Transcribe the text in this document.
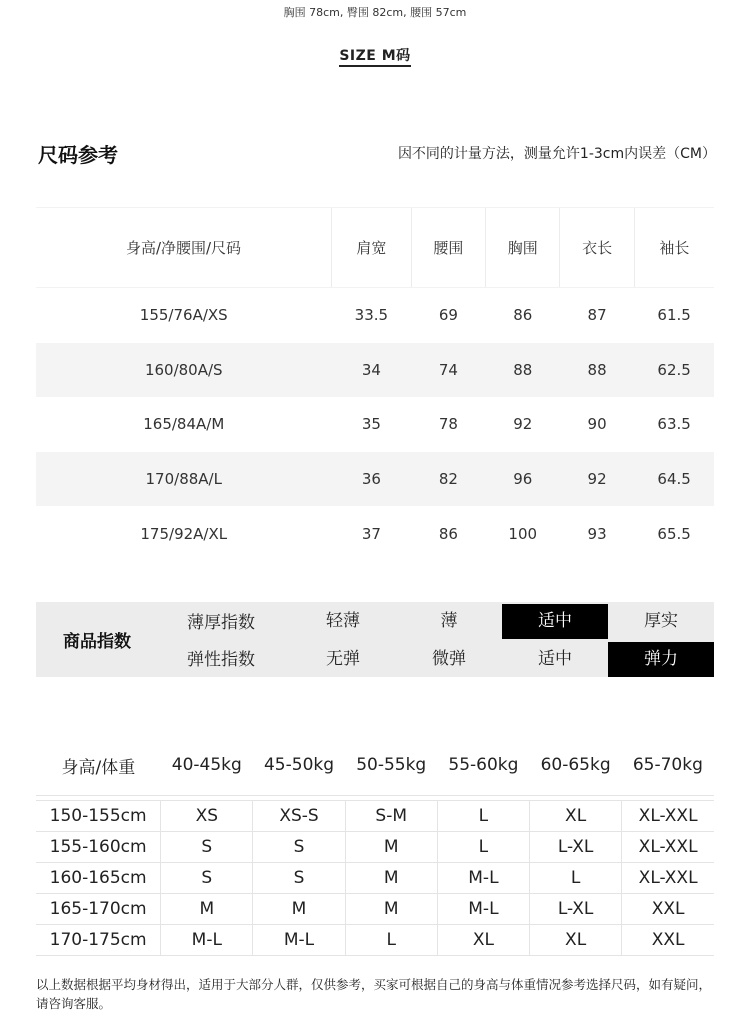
胸围 78cm, 臀围 82cm, 腰围 57cm
SIZE M码
尺码参考	因不同的计量方法，测量允许1-3cm内误差（CM）
身高/净腰围/尺码	肩宽	腰围	胸围	衣长	袖长
155/76A/XS	33.5	69	86	87	61.5
160/80A/S	34	74	88	88	62.5
165/84A/M	35	78	92	90	63.5
170/88A/L	36	82	96	92	64.5
175/92A/XL	37	86	100	93	65.5
商品指数
薄厚指数	轻薄	薄	适中	厚实
弹性指数	无弹	微弹	适中	弹力
身高/体重	40-45kg	45-50kg	50-55kg	55-60kg	60-65kg	65-70kg

150-155cm	XS	XS-S	S-M	L	XL	XL-XXL
155-160cm	S	S	M	L	L-XL	XL-XXL
160-165cm	S	S	M	M-L	L	XL-XXL
165-170cm	M	M	M	M-L	L-XL	XXL
170-175cm	M-L	M-L	L	XL	XL	XXL
以上数据根据平均身材得出，适用于大部分人群，仅供参考，买家可根据自己的身高与体重情况参考选择尺码，如有疑问，请咨询客服。
